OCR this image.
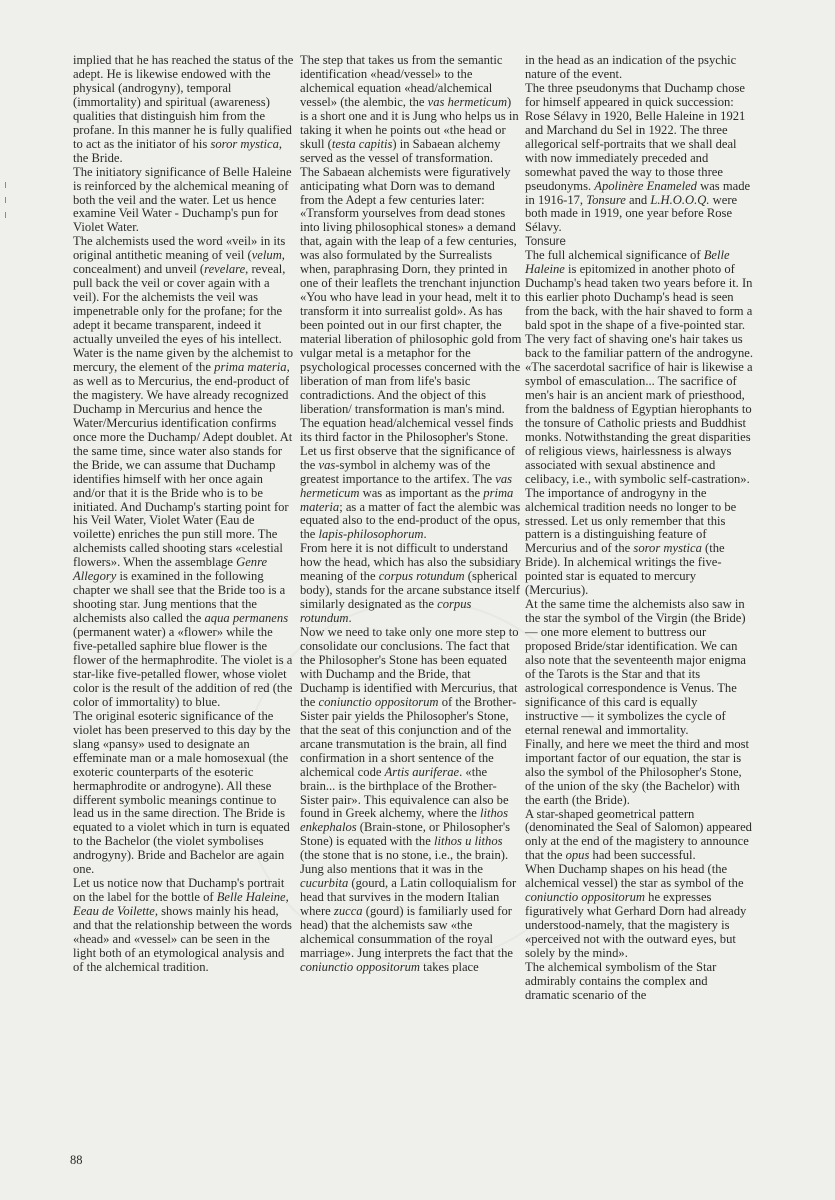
implied that he has reached the status of the adept. He is likewise endowed with the physical (androgyny), temporal (immortality) and spiritual (awareness) qualities that distinguish him from the profane. In this manner he is fully qualified to act as the initiator of his soror mystica, the Bride.

The initiatory significance of Belle Haleine is reinforced by the alchemical meaning of both the veil and the water. Let us hence examine Veil Water - Duchamp's pun for Violet Water.

The alchemists used the word «veil» in its original antithetic meaning of veil (velum, concealment) and unveil (revelare, reveal, pull back the veil or cover again with a veil). For the alchemists the veil was impenetrable only for the profane; for the adept it became transparent, indeed it actually unveiled the eyes of his intellect.

Water is the name given by the alchemist to mercury, the element of the prima materia, as well as to Mercurius, the end-product of the magistery. We have already recognized Duchamp in Mercurius and hence the Water/Mercurius identification confirms once more the Duchamp/ Adept doublet. At the same time, since water also stands for the Bride, we can assume that Duchamp identifies himself with her once again and/or that it is the Bride who is to be initiated. And Duchamp's starting point for his Veil Water, Violet Water (Eau de voilette) enriches the pun still more. The alchemists called shooting stars «celestial flowers». When the assemblage Genre Allegory is examined in the following chapter we shall see that the Bride too is a shooting star. Jung mentions that the alchemists also called the aqua permanens (permanent water) a «flower» while the five-petalled saphire blue flower is the flower of the hermaphrodite. The violet is a star-like five-petalled flower, whose violet color is the result of the addition of red (the color of immortality) to blue.

The original esoteric significance of the violet has been preserved to this day by the slang «pansy» used to designate an effeminate man or a male homosexual (the exoteric counterparts of the esoteric hermaphrodite or androgyne). All these different symbolic meanings continue to lead us in the same direction. The Bride is equated to a violet which in turn is equated to the Bachelor (the violet symbolises androgyny). Bride and Bachelor are again one.

Let us notice now that Duchamp's portrait on the label for the bottle of Belle Haleine, Eeau de Voilette, shows mainly his head, and that the relationship between the words «head» and «vessel» can be seen in the light both of an etymological analysis and of the alchemical tradition.

The step that takes us from the semantic identification «head/vessel» to the alchemical equation «head/alchemical vessel» (the alembic, the vas hermeticum) is a short one and it is Jung who helps us in taking it when he points out «the head or skull (testa capitis) in Sabaean alchemy served as the vessel of transformation.

The Sabaean alchemists were figuratively anticipating what Dorn was to demand from the Adept a few centuries later: «Transform yourselves from dead stones into living philosophical stones» a demand that, again with the leap of a few centuries, was also formulated by the Surrealists when, paraphrasing Dorn, they printed in one of their leaflets the trenchant injunction «You who have lead in your head, melt it to transform it into surrealist gold». As has been pointed out in our first chapter, the material liberation of philosophic gold from vulgar metal is a metaphor for the psychological processes concerned with the liberation of man from life's basic contradictions. And the object of this liberation/ transformation is man's mind.

The equation head/alchemical vessel finds its third factor in the Philosopher's Stone. Let us first observe that the significance of the vas-symbol in alchemy was of the greatest importance to the artifex. The vas hermeticum was as important as the prima materia; as a matter of fact the alembic was equated also to the end-product of the opus, the lapis-philosophorum.

From here it is not difficult to understand how the head, which has also the subsidiary meaning of the corpus rotundum (spherical body), stands for the arcane substance itself similarly designated as the corpus rotundum.

Now we need to take only one more step to consolidate our conclusions. The fact that the Philosopher's Stone has been equated with Duchamp and the Bride, that Duchamp is identified with Mercurius, that the coniunctio oppositorum of the Brother-Sister pair yields the Philosopher's Stone, that the seat of this conjunction and of the arcane transmutation is the brain, all find confirmation in a short sentence of the alchemical code Artis auriferae. «the brain... is the birthplace of the Brother-Sister pair». This equivalence can also be found in Greek alchemy, where the lithos enkephalos (Brain-stone, or Philosopher's Stone) is equated with the lithos u lithos (the stone that is no stone, i.e., the brain). Jung also mentions that it was in the cucurbita (gourd, a Latin colloquialism for head that survives in the modern Italian where zucca (gourd) is familiarly used for head) that the alchemists saw «the alchemical consummation of the royal marriage». Jung interprets the fact that the coniunctio oppositorum takes place

in the head as an indication of the psychic nature of the event.

The three pseudonyms that Duchamp chose for himself appeared in quick succession: Rose Sélavy in 1920, Belle Haleine in 1921 and Marchand du Sel in 1922. The three allegorical self-portraits that we shall deal with now immediately preceded and somewhat paved the way to those three pseudonyms. Apolinère Enameled was made in 1916-17, Tonsure and L.H.O.O.Q. were both made in 1919, one year before Rose Sélavy.

Tonsure

The full alchemical significance of Belle Haleine is epitomized in another photo of Duchamp's head taken two years before it. In this earlier photo Duchamp's head is seen from the back, with the hair shaved to form a bald spot in the shape of a five-pointed star.

The very fact of shaving one's hair takes us back to the familiar pattern of the androgyne. «The sacerdotal sacrifice of hair is likewise a symbol of emasculation... The sacrifice of men's hair is an ancient mark of priesthood, from the baldness of Egyptian hierophants to the tonsure of Catholic priests and Buddhist monks. Notwithstanding the great disparities of religious views, hairlessness is always associated with sexual abstinence and celibacy, i.e., with symbolic self-castration».

The importance of androgyny in the alchemical tradition needs no longer to be stressed. Let us only remember that this pattern is a distinguishing feature of Mercurius and of the soror mystica (the Bride). In alchemical writings the five-pointed star is equated to mercury (Mercurius).

At the same time the alchemists also saw in the star the symbol of the Virgin (the Bride) — one more element to buttress our proposed Bride/star identification. We can also note that the seventeenth major enigma of the Tarots is the Star and that its astrological correspondence is Venus. The significance of this card is equally instructive — it symbolizes the cycle of eternal renewal and immortality.

Finally, and here we meet the third and most important factor of our equation, the star is also the symbol of the Philosopher's Stone, of the union of the sky (the Bachelor) with the earth (the Bride).

A star-shaped geometrical pattern (denominated the Seal of Salomon) appeared only at the end of the magistery to announce that the opus had been successful.

When Duchamp shapes on his head (the alchemical vessel) the star as symbol of the coniunctio oppositorum he expresses figuratively what Gerhard Dorn had already understood-namely, that the magistery is «perceived not with the outward eyes, but solely by the mind».

The alchemical symbolism of the Star admirably contains the complex and dramatic scenario of the

88
